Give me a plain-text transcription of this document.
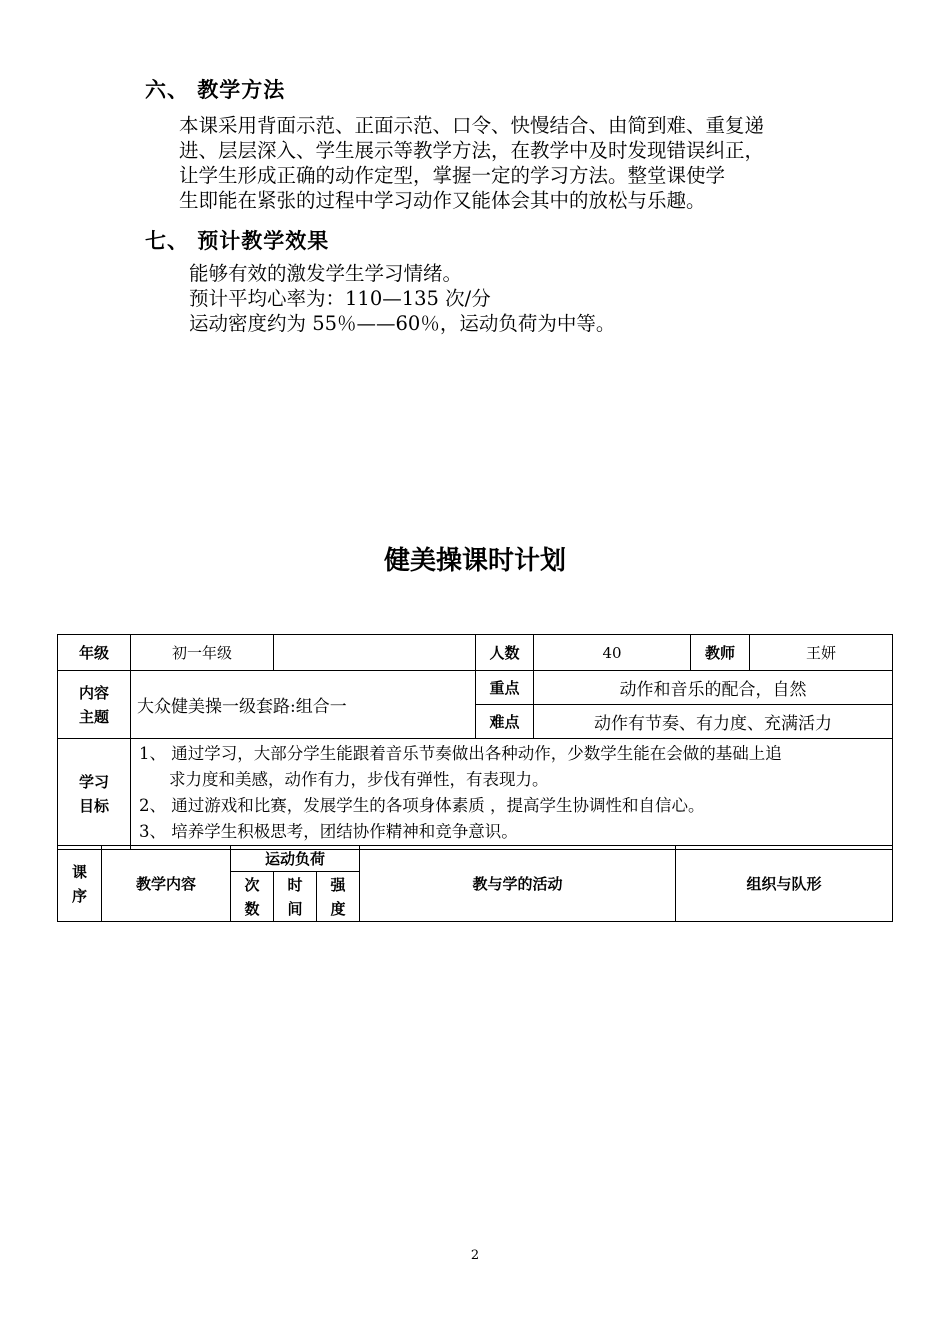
六、 教学方法
本课采用背面示范、正面示范、口令、快慢结合、由简到难、重复递
进、层层深入、学生展示等教学方法，在教学中及时发现错误纠正，
让学生形成正确的动作定型，掌握一定的学习方法。整堂课使学
生即能在紧张的过程中学习动作又能体会其中的放松与乐趣。
七、 预计教学效果
能够有效的激发学生学习情绪。
预计平均心率为：110—135 次/分
运动密度约为 55％——60％，运动负荷为中等。
健美操课时计划
年级	初一年级		人数	40	教师	王妍
内容主题	大众健美操一级套路:组合一		重点	动作和音乐的配合，自然		
			难点	动作有节奏、有力度、充满活力		
学习目标	1、 通过学习，大部分学生能跟着音乐节奏做出各种动作，少数学生能在会做的基础上追
求力度和美感，动作有力，步伐有弹性，有表现力。
2、 通过游戏和比赛，发展学生的各项身体素质 ，提高学生协调性和自信心。
3、 培养学生积极思考，团结协作精神和竞争意识。					
课序	教学内容	运动负荷			教与学的活动	组织与队形
		次数	时间	强度		
2
